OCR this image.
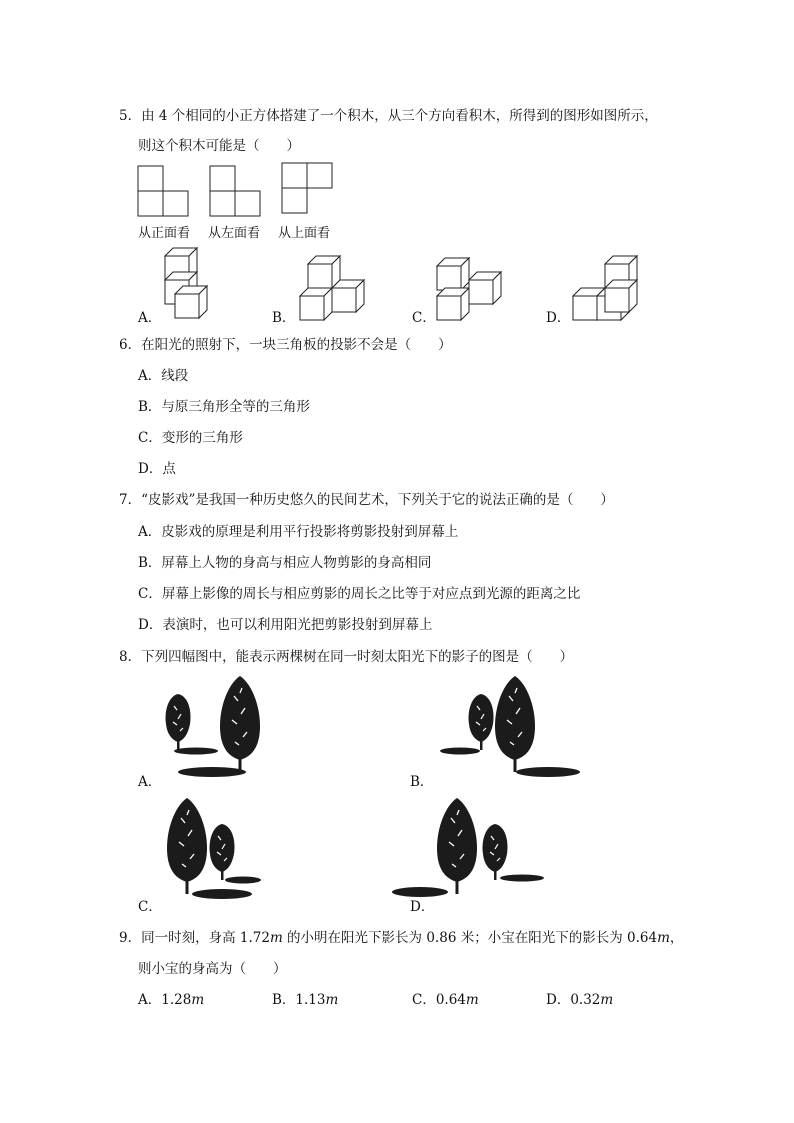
5．由 4 个相同的小正方体搭建了一个积木，从三个方向看积木，所得到的图形如图所示，
则这个积木可能是（　　）
从正面看 从左面看 从上面看
A．	B．	C．	D．
6．在阳光的照射下，一块三角板的投影不会是（　　）
A．线段
B．与原三角形全等的三角形
C．变形的三角形
D．点
7．“皮影戏”是我国一种历史悠久的民间艺术，下列关于它的说法正确的是（　　）
A．皮影戏的原理是利用平行投影将剪影投射到屏幕上
B．屏幕上人物的身高与相应人物剪影的身高相同
C．屏幕上影像的周长与相应剪影的周长之比等于对应点到光源的距离之比
D．表演时，也可以利用阳光把剪影投射到屏幕上
8．下列四幅图中，能表示两棵树在同一时刻太阳光下的影子的图是（　　）
A．	B．
C．	D．
9．同一时刻，身高 1.72m 的小明在阳光下影长为 0.86 米；小宝在阳光下的影长为 0.64m，
则小宝的身高为（　　）
A．1.28m	B．1.13m	C．0.64m	D．0.32m
